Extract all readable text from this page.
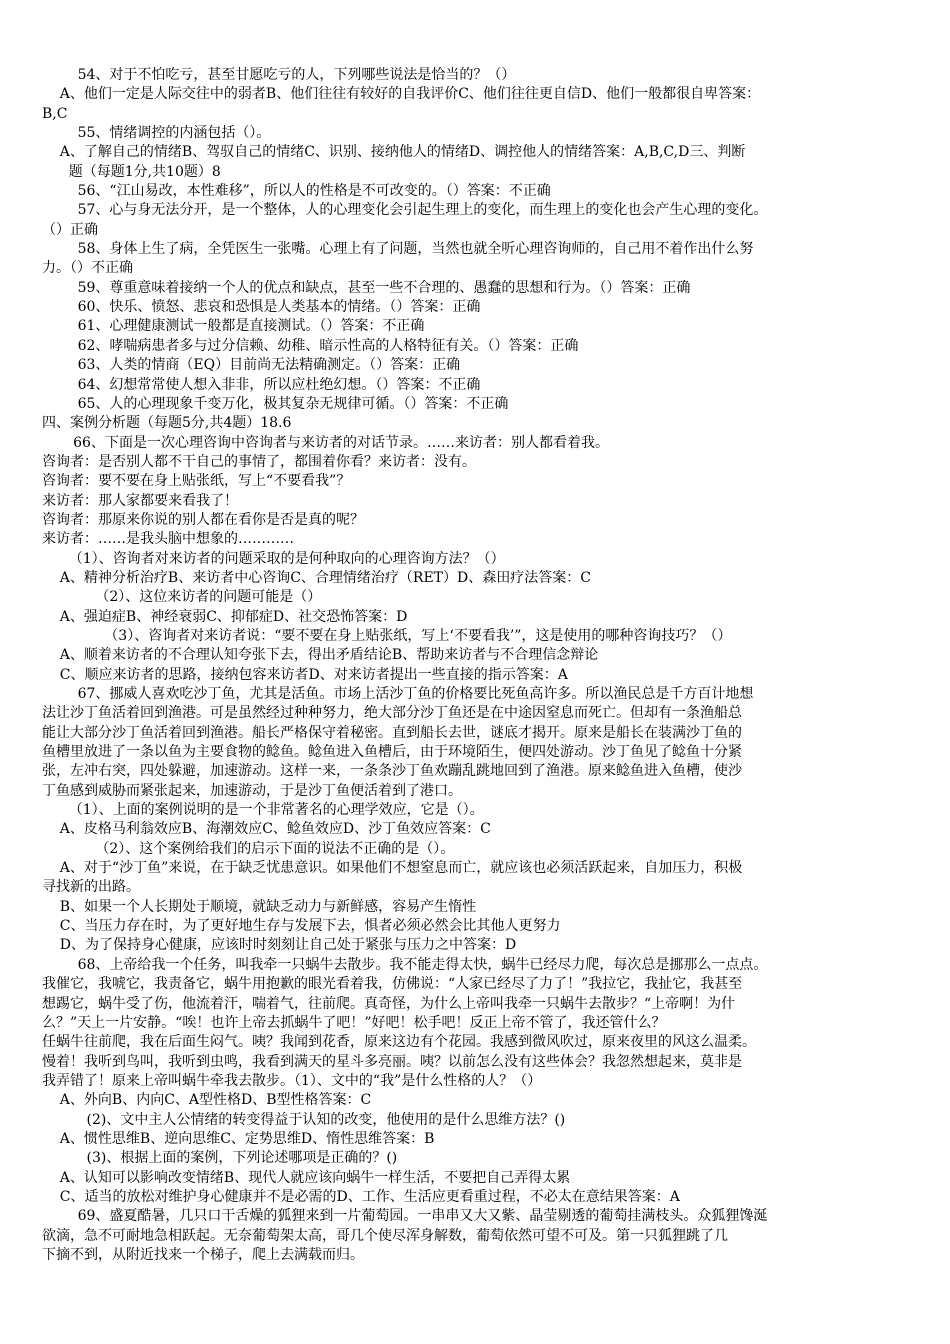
54、对于不怕吃亏，甚至甘愿吃亏的人，下列哪些说法是恰当的？（）
A、他们一定是人际交往中的弱者B、他们往往有较好的自我评价C、他们往往更自信D、他们一般都很自卑答案：
B,C
55、情绪调控的内涵包括（）。
A、了解自己的情绪B、驾驭自己的情绪C、识别、接纳他人的情绪D、调控他人的情绪答案：A,B,C,D三、判断
题（每题1分,共10题）8
56、“江山易改，本性难移”，所以人的性格是不可改变的。（）答案：不正确
57、心与身无法分开，是一个整体，人的心理变化会引起生理上的变化，而生理上的变化也会产生心理的变化。
（）正确
58、身体上生了病，全凭医生一张嘴。心理上有了问题，当然也就全听心理咨询师的，自己用不着作出什么努
力。（）不正确
59、尊重意味着接纳一个人的优点和缺点，甚至一些不合理的、愚蠢的思想和行为。（）答案：正确
60、快乐、愤怒、悲哀和恐惧是人类基本的情绪。（）答案：正确
61、心理健康测试一般都是直接测试。（）答案：不正确
62、哮喘病患者多与过分信赖、幼稚、暗示性高的人格特征有关。（）答案：正确
63、人类的情商（EQ）目前尚无法精确测定。（）答案：正确
64、幻想常常使人想入非非，所以应杜绝幻想。（）答案：不正确
65、人的心理现象千变万化，极其复杂无规律可循。（）答案：不正确
四、案例分析题（每题5分,共4题）18.6
66、下面是一次心理咨询中咨询者与来访者的对话节录。……来访者：别人都看着我。
咨询者：是否别人都不干自己的事情了，都围着你看？来访者：没有。
咨询者：要不要在身上贴张纸，写上“不要看我”？
来访者：那人家都要来看我了！
咨询者：那原来你说的别人都在看你是否是真的呢？
来访者：……是我头脑中想象的…………
（1）、咨询者对来访者的问题采取的是何种取向的心理咨询方法？（）
A、精神分析治疗B、来访者中心咨询C、合理情绪治疗（RET）D、森田疗法答案：C
（2）、这位来访者的问题可能是（）
A、强迫症B、神经衰弱C、抑郁症D、社交恐怖答案：D
（3）、咨询者对来访者说：“要不要在身上贴张纸，写上‘不要看我’”，这是使用的哪种咨询技巧？（）
A、顺着来访者的不合理认知夸张下去，得出矛盾结论B、帮助来访者与不合理信念辩论
C、顺应来访者的思路，接纳包容来访者D、对来访者提出一些直接的指示答案：A
67、挪威人喜欢吃沙丁鱼，尤其是活鱼。市场上活沙丁鱼的价格要比死鱼高许多。所以渔民总是千方百计地想
法让沙丁鱼活着回到渔港。可是虽然经过种种努力，绝大部分沙丁鱼还是在中途因窒息而死亡。但却有一条渔船总
能让大部分沙丁鱼活着回到渔港。船长严格保守着秘密。直到船长去世，谜底才揭开。原来是船长在装满沙丁鱼的
鱼槽里放进了一条以鱼为主要食物的鲶鱼。鲶鱼进入鱼槽后，由于环境陌生，便四处游动。沙丁鱼见了鲶鱼十分紧
张，左冲右突，四处躲避，加速游动。这样一来，一条条沙丁鱼欢蹦乱跳地回到了渔港。原来鲶鱼进入鱼槽，使沙
丁鱼感到威胁而紧张起来，加速游动，于是沙丁鱼便活着到了港口。
（1）、上面的案例说明的是一个非常著名的心理学效应，它是（）。
A、皮格马利翁效应B、海潮效应C、鲶鱼效应D、沙丁鱼效应答案：C
（2）、这个案例给我们的启示下面的说法不正确的是（）。
A、对于“沙丁鱼”来说，在于缺乏忧患意识。如果他们不想窒息而亡，就应该也必须活跃起来，自加压力，积极
寻找新的出路。
B、如果一个人长期处于顺境，就缺乏动力与新鲜感，容易产生惰性
C、当压力存在时，为了更好地生存与发展下去，惧者必须必然会比其他人更努力
D、为了保持身心健康，应该时时刻刻让自己处于紧张与压力之中答案：D
68、上帝给我一个任务，叫我牵一只蜗牛去散步。我不能走得太快，蜗牛已经尽力爬，每次总是挪那么一点点。
我催它，我唬它，我责备它，蜗牛用抱歉的眼光看着我，仿佛说：“人家已经尽了力了！”我拉它，我扯它，我甚至
想踢它，蜗牛受了伤，他流着汗，喘着气，往前爬。真奇怪，为什么上帝叫我牵一只蜗牛去散步？“上帝啊！为什
么？”天上一片安静。“唉！也许上帝去抓蜗牛了吧！”好吧！松手吧！反正上帝不管了，我还管什么？
任蜗牛往前爬，我在后面生闷气。咦？我闻到花香，原来这边有个花园。我感到微风吹过，原来夜里的风这么温柔。
慢着！我听到鸟叫，我听到虫鸣，我看到满天的星斗多亮丽。咦？以前怎么没有这些体会？我忽然想起来，莫非是
我弄错了！原来上帝叫蜗牛牵我去散步。（1）、文中的“我”是什么性格的人？（）
A、外向B、内向C、A型性格D、B型性格答案：C
(2)、文中主人公情绪的转变得益于认知的改变，他使用的是什么思维方法？()
A、惯性思维B、逆向思维C、定势思维D、惰性思维答案：B
(3)、根据上面的案例，下列论述哪项是正确的？()
A、认知可以影响改变情绪B、现代人就应该向蜗牛一样生活，不要把自己弄得太累
C、适当的放松对维护身心健康并不是必需的D、工作、生活应更看重过程，不必太在意结果答案：A
69、盛夏酷暑，几只口干舌燥的狐狸来到一片葡萄园。一串串又大又紫、晶莹剔透的葡萄挂满枝头。众狐狸馋涎
欲滴，急不可耐地急相跃起。无奈葡萄架太高，哥几个使尽浑身解数，葡萄依然可望不可及。第一只狐狸跳了几
下摘不到，从附近找来一个梯子，爬上去满载而归。
